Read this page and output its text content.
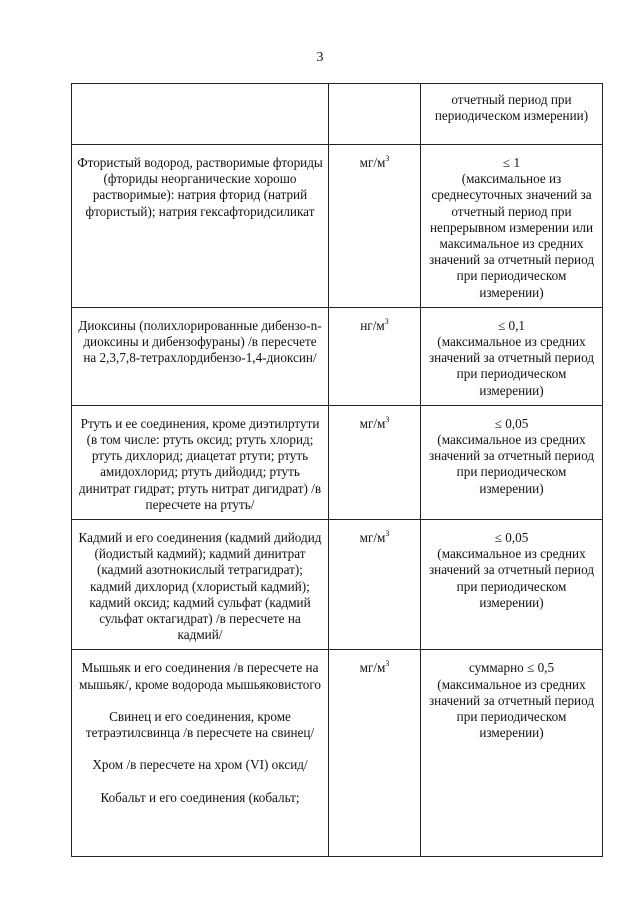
3
		отчетный период при периодическом измерении)
Фтористый водород, растворимые фториды (фториды неорганические хорошо растворимые): натрия фторид (натрий фтористый); натрия гексафторидсиликат	$мг/м^3$	≤ 1
(максимальное из среднесуточных значений за отчетный период при непрерывном измерении или максимальное из средних значений за отчетный период при периодическом измерении)

Диоксины (полихлорированные дибензо-n-диоксины и дибензофураны) /в пересчете на 2,3,7,8-тетрахлордибензо-1,4-диоксин/	$нг/м^3$	≤ 0,1
(максимальное из средних значений за отчетный период при периодическом измерении)

Ртуть и ее соединения, кроме диэтилртути (в том числе: ртуть оксид; ртуть хлорид; ртуть дихлорид; диацетат ртути; ртуть амидохлорид; ртуть дийодид; ртуть динитрат гидрат; ртуть нитрат дигидрат) /в пересчете на ртуть/	$мг/м^3$	≤ 0,05
(максимальное из средних значений за отчетный период при периодическом измерении)

Кадмий и его соединения (кадмий дийодид (йодистый кадмий); кадмий динитрат (кадмий азотнокислый тетрагидрат); кадмий дихлорид (хлористый кадмий); кадмий оксид; кадмий сульфат (кадмий сульфат октагидрат) /в пересчете на кадмий/	$мг/м^3$	≤ 0,05
(максимальное из средних значений за отчетный период при периодическом измерении)

Мышьяк и его соединения /в пересчете на мышьяк/, кроме водорода мышьяковистого
Свинец и его соединения, кроме тетраэтилсвинца /в пересчете на свинец/
Хром /в пересчете на хром (VI) оксид/
Кобальт и его соединения (кобальт;	$мг/м^3$	суммарно ≤ 0,5
(максимальное из средних значений за отчетный период при периодическом измерении)
